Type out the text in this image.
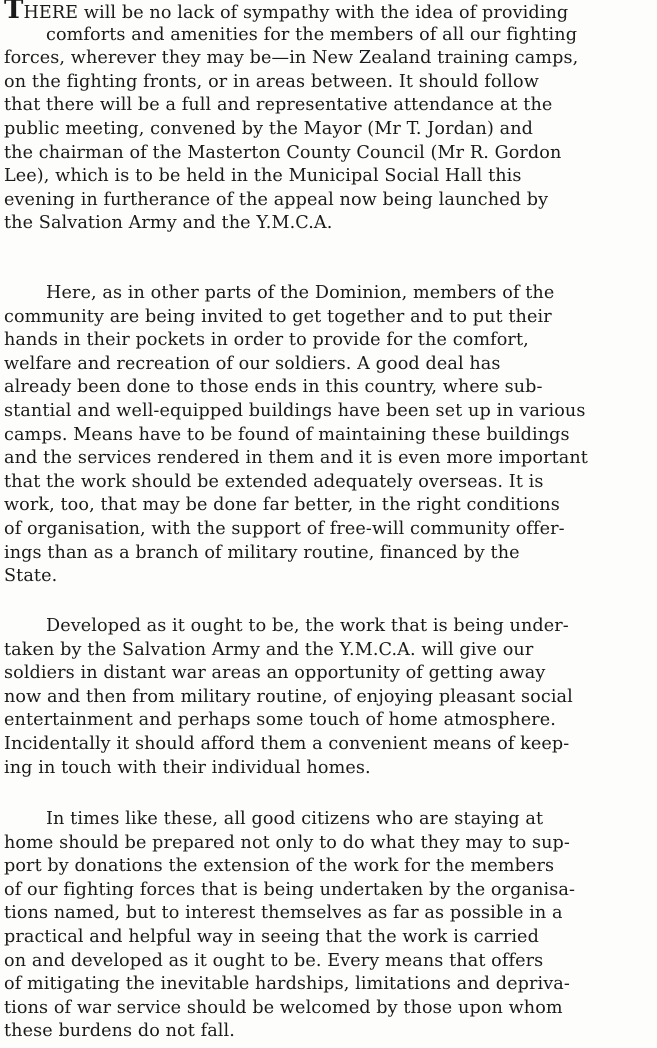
THERE will be no lack of sympathy with the idea of providing
comforts and amenities for the members of all our fighting
forces, wherever they may be—in New Zealand training camps,
on the fighting fronts, or in areas between. It should follow
that there will be a full and representative attendance at the
public meeting, convened by the Mayor (Mr T. Jordan) and
the chairman of the Masterton County Council (Mr R. Gordon
Lee), which is to be held in the Municipal Social Hall this
evening in furtherance of the appeal now being launched by
the Salvation Army and the Y.M.C.A.
Here, as in other parts of the Dominion, members of the
community are being invited to get together and to put their
hands in their pockets in order to provide for the comfort,
welfare and recreation of our soldiers. A good deal has
already been done to those ends in this country, where sub-
stantial and well-equipped buildings have been set up in various
camps. Means have to be found of maintaining these buildings
and the services rendered in them and it is even more important
that the work should be extended adequately overseas. It is
work, too, that may be done far better, in the right conditions
of organisation, with the support of free-will community offer-
ings than as a branch of military routine, financed by the
State.
Developed as it ought to be, the work that is being under-
taken by the Salvation Army and the Y.M.C.A. will give our
soldiers in distant war areas an opportunity of getting away
now and then from military routine, of enjoying pleasant social
entertainment and perhaps some touch of home atmosphere.
Incidentally it should afford them a convenient means of keep-
ing in touch with their individual homes.
In times like these, all good citizens who are staying at
home should be prepared not only to do what they may to sup-
port by donations the extension of the work for the members
of our fighting forces that is being undertaken by the organisa-
tions named, but to interest themselves as far as possible in a
practical and helpful way in seeing that the work is carried
on and developed as it ought to be. Every means that offers
of mitigating the inevitable hardships, limitations and depriva-
tions of war service should be welcomed by those upon whom
these burdens do not fall.
